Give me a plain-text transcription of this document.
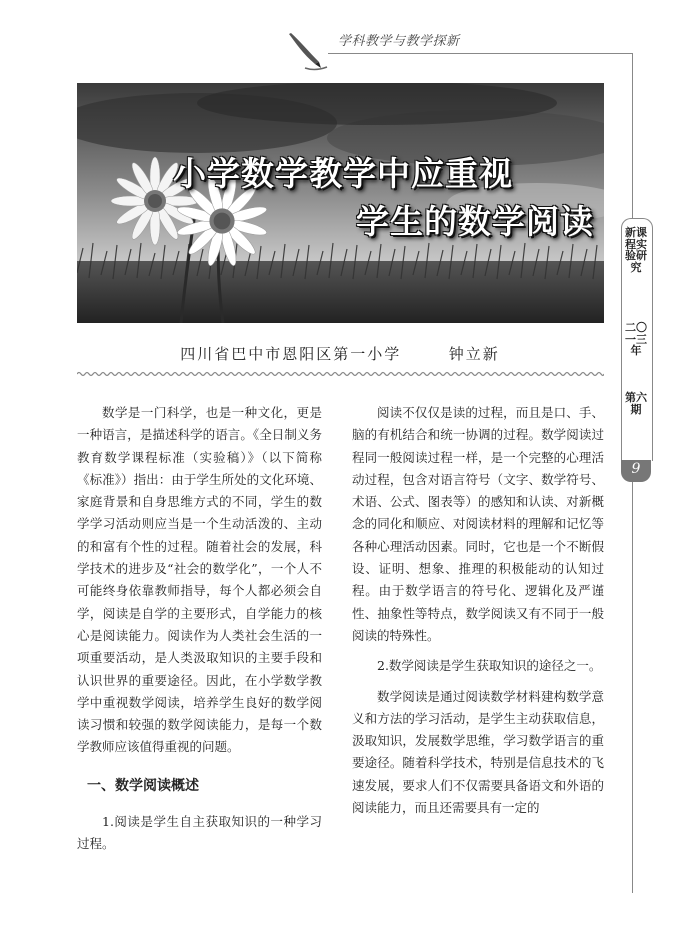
学科教学与教学探新
新课程实验研究
二〇一三年
第六期
9
小学数学教学中应重视
学生的数学阅读
四川省巴中市恩阳区第一小学	钟立新

数学是一门科学，也是一种文化，更是一种语言，是描述科学的语言。《全日制义务教育数学课程标准（实验稿）》（以下简称《标准》）指出：由于学生所处的文化环境、家庭背景和自身思维方式的不同，学生的数学学习活动则应当是一个生动活泼的、主动的和富有个性的过程。随着社会的发展，科学技术的进步及“社会的数学化”，一个人不可能终身依靠教师指导，每个人都必须会自学，阅读是自学的主要形式，自学能力的核心是阅读能力。阅读作为人类社会生活的一项重要活动，是人类汲取知识的主要手段和认识世界的重要途径。因此，在小学数学教学中重视数学阅读，培养学生良好的数学阅读习惯和较强的数学阅读能力，是每一个数学教师应该值得重视的问题。

一、数学阅读概述

1.阅读是学生自主获取知识的一种学习过程。

阅读不仅仅是读的过程，而且是口、手、脑的有机结合和统一协调的过程。数学阅读过程同一般阅读过程一样，是一个完整的心理活动过程，包含对语言符号（文字、数学符号、术语、公式、图表等）的感知和认读、对新概念的同化和顺应、对阅读材料的理解和记忆等各种心理活动因素。同时，它也是一个不断假设、证明、想象、推理的积极能动的认知过程。由于数学语言的符号化、逻辑化及严谨性、抽象性等特点，数学阅读又有不同于一般阅读的特殊性。

2.数学阅读是学生获取知识的途径之一。

数学阅读是通过阅读数学材料建构数学意义和方法的学习活动，是学生主动获取信息，汲取知识，发展数学思维，学习数学语言的重要途径。随着科学技术，特别是信息技术的飞速发展，要求人们不仅需要具备语文和外语的阅读能力，而且还需要具有一定的
